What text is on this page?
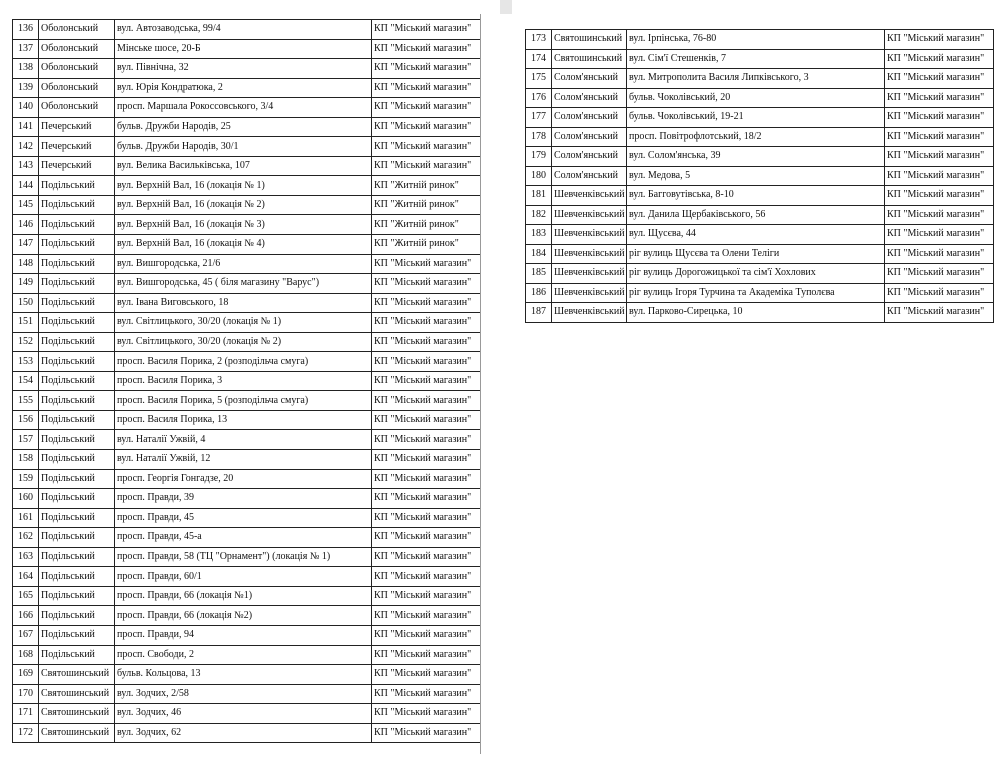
136	Оболонський	вул. Автозаводська, 99/4	КП "Міський магазин"
137	Оболонський	Мінське шосе, 20-Б	КП "Міський магазин"
138	Оболонський	вул. Північна, 32	КП "Міський магазин"
139	Оболонський	вул. Юрія Кондратюка, 2	КП "Міський магазин"
140	Оболонський	просп. Маршала Рокоссовського, 3/4	КП "Міський магазин"
141	Печерський	бульв. Дружби Народів, 25	КП "Міський магазин"
142	Печерський	бульв. Дружби Народів, 30/1	КП "Міський магазин"
143	Печерський	вул. Велика Васильківська, 107	КП "Міський магазин"
144	Подільський	вул. Верхній Вал, 16 (локація № 1)	КП "Житній ринок"
145	Подільський	вул. Верхній Вал, 16 (локація № 2)	КП "Житній ринок"
146	Подільський	вул. Верхній Вал, 16 (локація № 3)	КП "Житній ринок"
147	Подільський	вул. Верхній Вал, 16 (локація № 4)	КП "Житній ринок"
148	Подільський	вул. Вишгородська, 21/6	КП "Міський магазин"
149	Подільський	вул. Вишгородська, 45 ( біля магазину "Варус")	КП "Міський магазин"
150	Подільський	вул. Івана Виговського, 18	КП "Міський магазин"
151	Подільський	вул. Світлицького, 30/20 (локація № 1)	КП "Міський магазин"
152	Подільський	вул. Світлицького, 30/20 (локація № 2)	КП "Міський магазин"
153	Подільський	просп. Василя Порика, 2 (розподільча смуга)	КП "Міський магазин"
154	Подільський	просп. Василя Порика, 3	КП "Міський магазин"
155	Подільський	просп. Василя Порика, 5 (розподільча смуга)	КП "Міський магазин"
156	Подільський	просп. Василя Порика, 13	КП "Міський магазин"
157	Подільський	вул. Наталії Ужвій, 4	КП "Міський магазин"
158	Подільський	вул. Наталії Ужвій, 12	КП "Міський магазин"
159	Подільський	просп. Георгія Гонгадзе, 20	КП "Міський магазин"
160	Подільський	просп. Правди, 39	КП "Міський магазин"
161	Подільський	просп. Правди, 45	КП "Міський магазин"
162	Подільський	просп. Правди, 45-а	КП "Міський магазин"
163	Подільський	просп. Правди, 58 (ТЦ "Орнамент") (локація № 1)	КП "Міський магазин"
164	Подільський	просп. Правди, 60/1	КП "Міський магазин"
165	Подільський	просп. Правди, 66 (локація №1)	КП "Міський магазин"
166	Подільський	просп. Правди, 66 (локація №2)	КП "Міський магазин"
167	Подільський	просп. Правди, 94	КП "Міський магазин"
168	Подільський	просп. Свободи, 2	КП "Міський магазин"
169	Святошинський	бульв. Кольцова, 13	КП "Міський магазин"
170	Святошинський	вул. Зодчих, 2/58	КП "Міський магазин"
171	Святошинський	вул. Зодчих, 46	КП "Міський магазин"
172	Святошинський	вул. Зодчих, 62	КП "Міський магазин"
173	Святошинський	вул. Ірпінська, 76-80	КП "Міський магазин"
174	Святошинський	вул. Сім'ї Стешенків, 7	КП "Міський магазин"
175	Солом'янський	вул. Митрополита Василя Липківського, 3	КП "Міський магазин"
176	Солом'янський	бульв. Чоколівський, 20	КП "Міський магазин"
177	Солом'янський	бульв. Чоколівський, 19-21	КП "Міський магазин"
178	Солом'янський	просп. Повітрофлотський, 18/2	КП "Міський магазин"
179	Солом'янський	вул. Солом'янська, 39	КП "Міський магазин"
180	Солом'янський	вул. Медова, 5	КП "Міський магазин"
181	Шевченківський	вул. Багговутівська, 8-10	КП "Міський магазин"
182	Шевченківський	вул. Данила Щербаківського, 56	КП "Міський магазин"
183	Шевченківський	вул. Щусєва, 44	КП "Міський магазин"
184	Шевченківський	ріг вулиць Щусєва та Олени Теліги	КП "Міський магазин"
185	Шевченківський	ріг вулиць Дорогожицької та сім'ї Хохлових	КП "Міський магазин"
186	Шевченківський	ріг вулиць Ігоря Турчина та Академіка Туполєва	КП "Міський магазин"
187	Шевченківський	вул. Парково-Сирецька, 10	КП "Міський магазин"
